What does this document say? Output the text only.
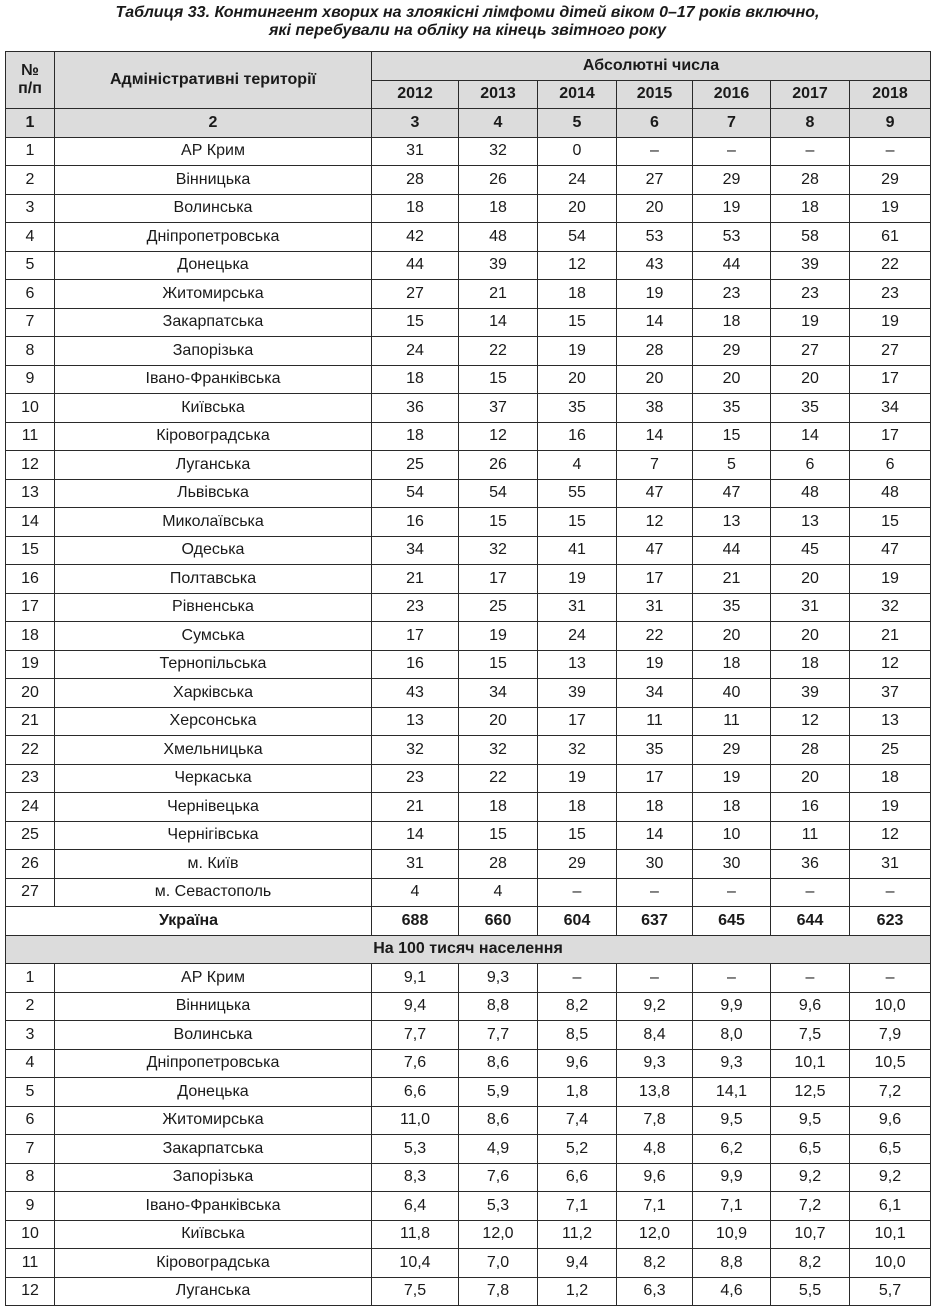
Таблиця 33. Контингент хворих на злоякісні лімфоми дітей віком 0–17 років включно,
які перебували на обліку на кінець звітного року
№ п/п	Адміністративні території	Абсолютні числа						
		2012	2013	2014	2015	2016	2017	2018
1	2	3	4	5	6	7	8	9
1	АР Крим	31	32	0	–	–	–	–
2	Вінницька	28	26	24	27	29	28	29
3	Волинська	18	18	20	20	19	18	19
4	Дніпропетровська	42	48	54	53	53	58	61
5	Донецька	44	39	12	43	44	39	22
6	Житомирська	27	21	18	19	23	23	23
7	Закарпатська	15	14	15	14	18	19	19
8	Запорізька	24	22	19	28	29	27	27
9	Івано-Франківська	18	15	20	20	20	20	17
10	Київська	36	37	35	38	35	35	34
11	Кіровоградська	18	12	16	14	15	14	17
12	Луганська	25	26	4	7	5	6	6
13	Львівська	54	54	55	47	47	48	48
14	Миколаївська	16	15	15	12	13	13	15
15	Одеська	34	32	41	47	44	45	47
16	Полтавська	21	17	19	17	21	20	19
17	Рівненська	23	25	31	31	35	31	32
18	Сумська	17	19	24	22	20	20	21
19	Тернопільська	16	15	13	19	18	18	12
20	Харківська	43	34	39	34	40	39	37
21	Херсонська	13	20	17	11	11	12	13
22	Хмельницька	32	32	32	35	29	28	25
23	Черкаська	23	22	19	17	19	20	18
24	Чернівецька	21	18	18	18	18	16	19
25	Чернігівська	14	15	15	14	10	11	12
26	м. Київ	31	28	29	30	30	36	31
27	м. Севастополь	4	4	–	–	–	–	–
Україна		688	660	604	637	645	644	623
На 100 тисяч населення								
1	АР Крим	9,1	9,3	–	–	–	–	–
2	Вінницька	9,4	8,8	8,2	9,2	9,9	9,6	10,0
3	Волинська	7,7	7,7	8,5	8,4	8,0	7,5	7,9
4	Дніпропетровська	7,6	8,6	9,6	9,3	9,3	10,1	10,5
5	Донецька	6,6	5,9	1,8	13,8	14,1	12,5	7,2
6	Житомирська	11,0	8,6	7,4	7,8	9,5	9,5	9,6
7	Закарпатська	5,3	4,9	5,2	4,8	6,2	6,5	6,5
8	Запорізька	8,3	7,6	6,6	9,6	9,9	9,2	9,2
9	Івано-Франківська	6,4	5,3	7,1	7,1	7,1	7,2	6,1
10	Київська	11,8	12,0	11,2	12,0	10,9	10,7	10,1
11	Кіровоградська	10,4	7,0	9,4	8,2	8,8	8,2	10,0
12	Луганська	7,5	7,8	1,2	6,3	4,6	5,5	5,7
